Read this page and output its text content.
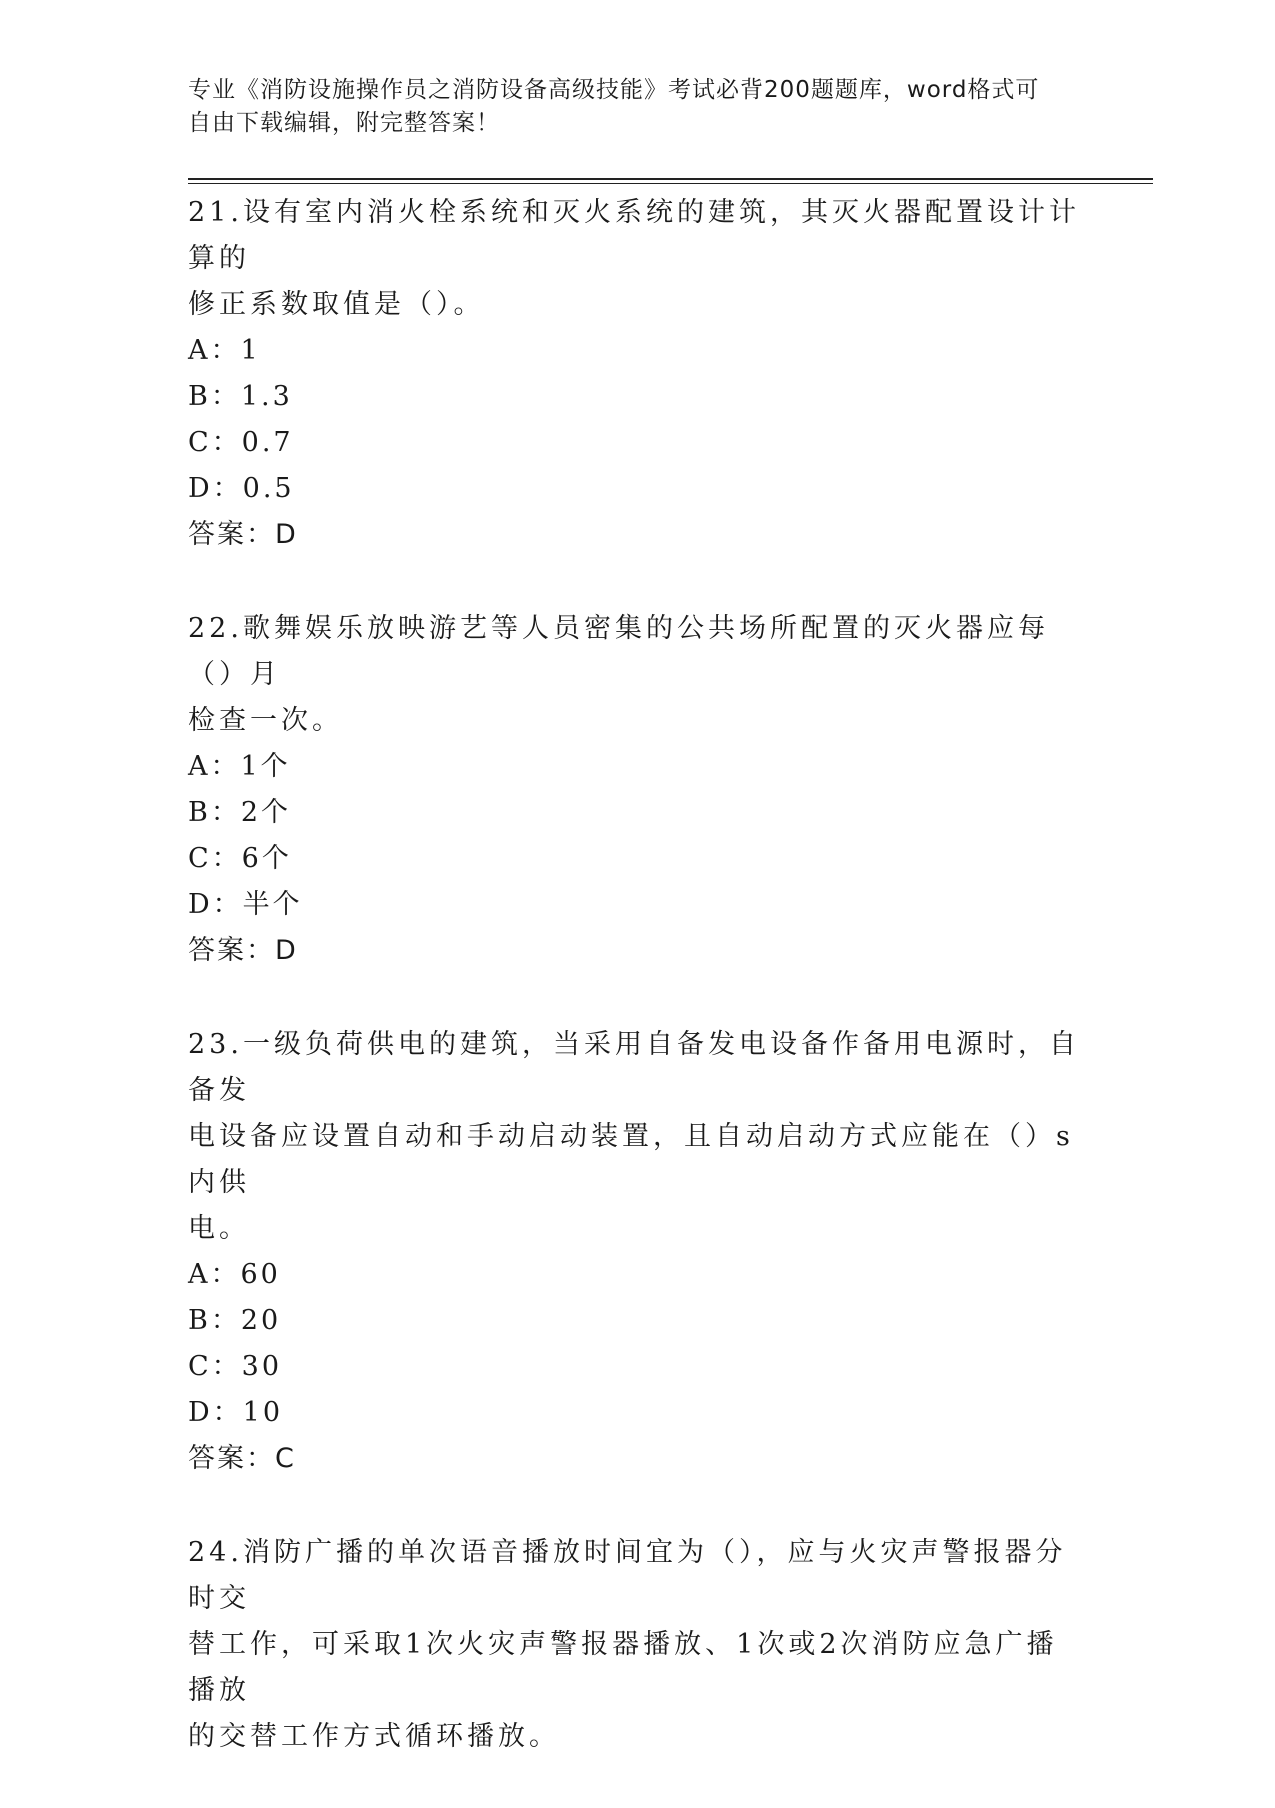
专业《消防设施操作员之消防设备高级技能》考试必背200题题库，word格式可
自由下载编辑，附完整答案！
21.设有室内消火栓系统和灭火系统的建筑，其灭火器配置设计计算的
修正系数取值是（）。
A：1
B：1.3
C：0.7
D：0.5
答案：D
22.歌舞娱乐放映游艺等人员密集的公共场所配置的灭火器应每（）月
检查一次。
A：1个
B：2个
C：6个
D：半个
答案：D
23.一级负荷供电的建筑，当采用自备发电设备作备用电源时，自备发
电设备应设置自动和手动启动装置，且自动启动方式应能在（）s内供
电。
A：60
B：20
C：30
D：10
答案：C
24.消防广播的单次语音播放时间宜为（），应与火灾声警报器分时交
替工作，可采取1次火灾声警报器播放、1次或2次消防应急广播播放
的交替工作方式循环播放。
